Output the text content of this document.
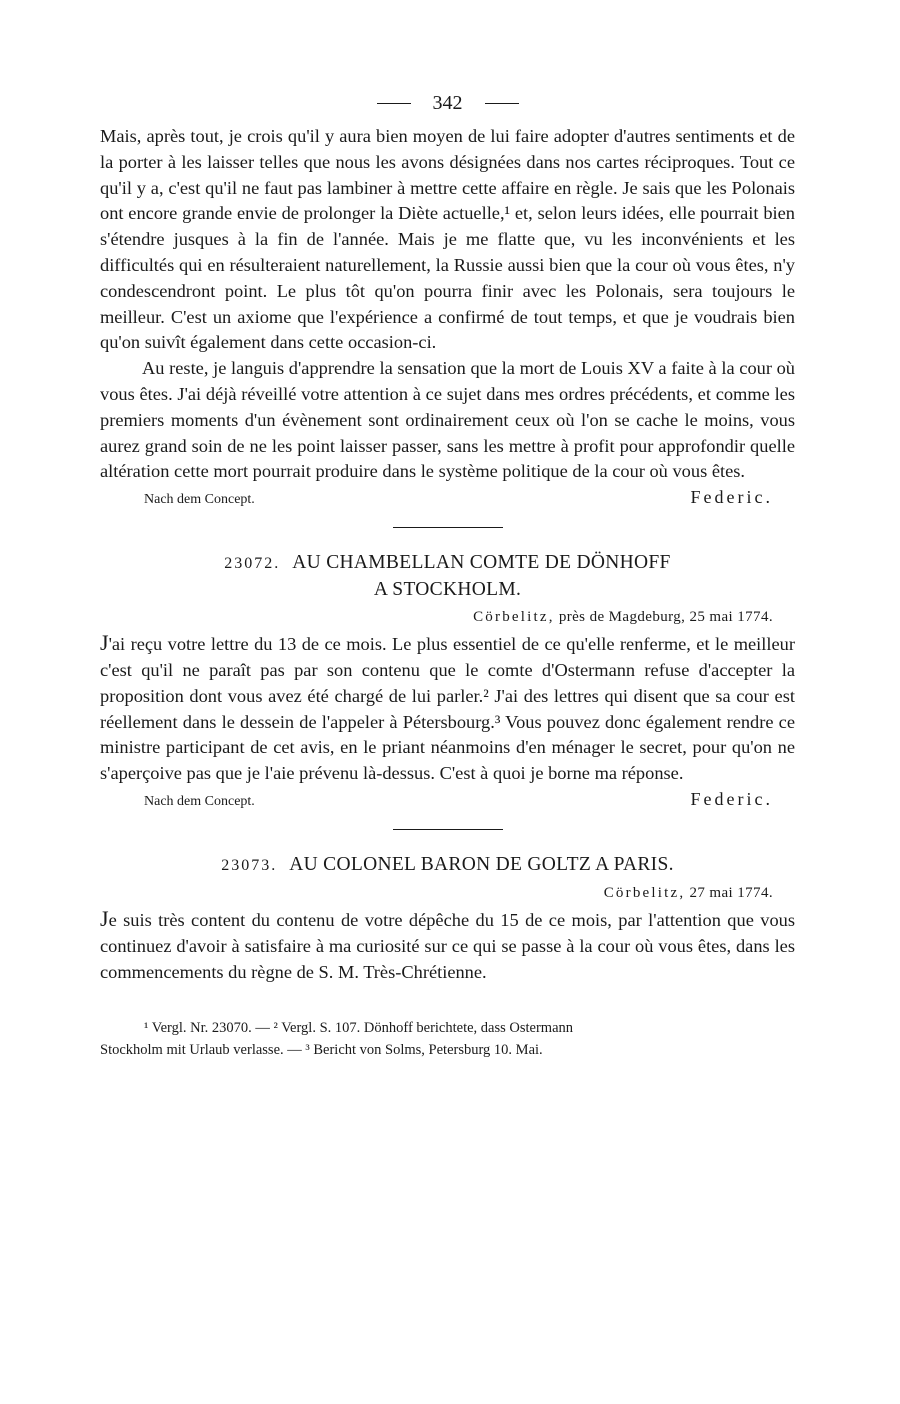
342

Mais, après tout, je crois qu'il y aura bien moyen de lui faire adopter d'autres sentiments et de la porter à les laisser telles que nous les avons désignées dans nos cartes réciproques. Tout ce qu'il y a, c'est qu'il ne faut pas lambiner à mettre cette affaire en règle. Je sais que les Polonais ont encore grande envie de prolonger la Diète actuelle,¹ et, selon leurs idées, elle pourrait bien s'étendre jusques à la fin de l'année. Mais je me flatte que, vu les inconvénients et les difficultés qui en résulteraient naturellement, la Russie aussi bien que la cour où vous êtes, n'y condescendront point. Le plus tôt qu'on pourra finir avec les Polonais, sera toujours le meilleur. C'est un axiome que l'expérience a confirmé de tout temps, et que je voudrais bien qu'on suivît également dans cette occasion-ci.

Au reste, je languis d'apprendre la sensation que la mort de Louis XV a faite à la cour où vous êtes. J'ai déjà réveillé votre attention à ce sujet dans mes ordres précédents, et comme les premiers moments d'un évènement sont ordinairement ceux où l'on se cache le moins, vous aurez grand soin de ne les point laisser passer, sans les mettre à profit pour approfondir quelle altération cette mort pourrait produire dans le système politique de la cour où vous êtes.

Nach dem Concept.	Federic.

23072. AU CHAMBELLAN COMTE DE DÖNHOFF

A STOCKHOLM.

Cörbelitz, près de Magdeburg, 25 mai 1774.

J'ai reçu votre lettre du 13 de ce mois. Le plus essentiel de ce qu'elle renferme, et le meilleur c'est qu'il ne paraît pas par son contenu que le comte d'Ostermann refuse d'accepter la proposition dont vous avez été chargé de lui parler.² J'ai des lettres qui disent que sa cour est réellement dans le dessein de l'appeler à Pétersbourg.³ Vous pouvez donc également rendre ce ministre participant de cet avis, en le priant néanmoins d'en ménager le secret, pour qu'on ne s'aperçoive pas que je l'aie prévenu là-dessus. C'est à quoi je borne ma réponse.

Nach dem Concept.	Federic.

23073. AU COLONEL BARON DE GOLTZ A PARIS.

Cörbelitz, 27 mai 1774.

Je suis très content du contenu de votre dépêche du 15 de ce mois, par l'attention que vous continuez d'avoir à satisfaire à ma curiosité sur ce qui se passe à la cour où vous êtes, dans les commencements du règne de S. M. Très-Chrétienne.

¹ Vergl. Nr. 23070. — ² Vergl. S. 107. Dönhoff berichtete, dass Ostermann

Stockholm mit Urlaub verlasse. — ³ Bericht von Solms, Petersburg 10. Mai.
